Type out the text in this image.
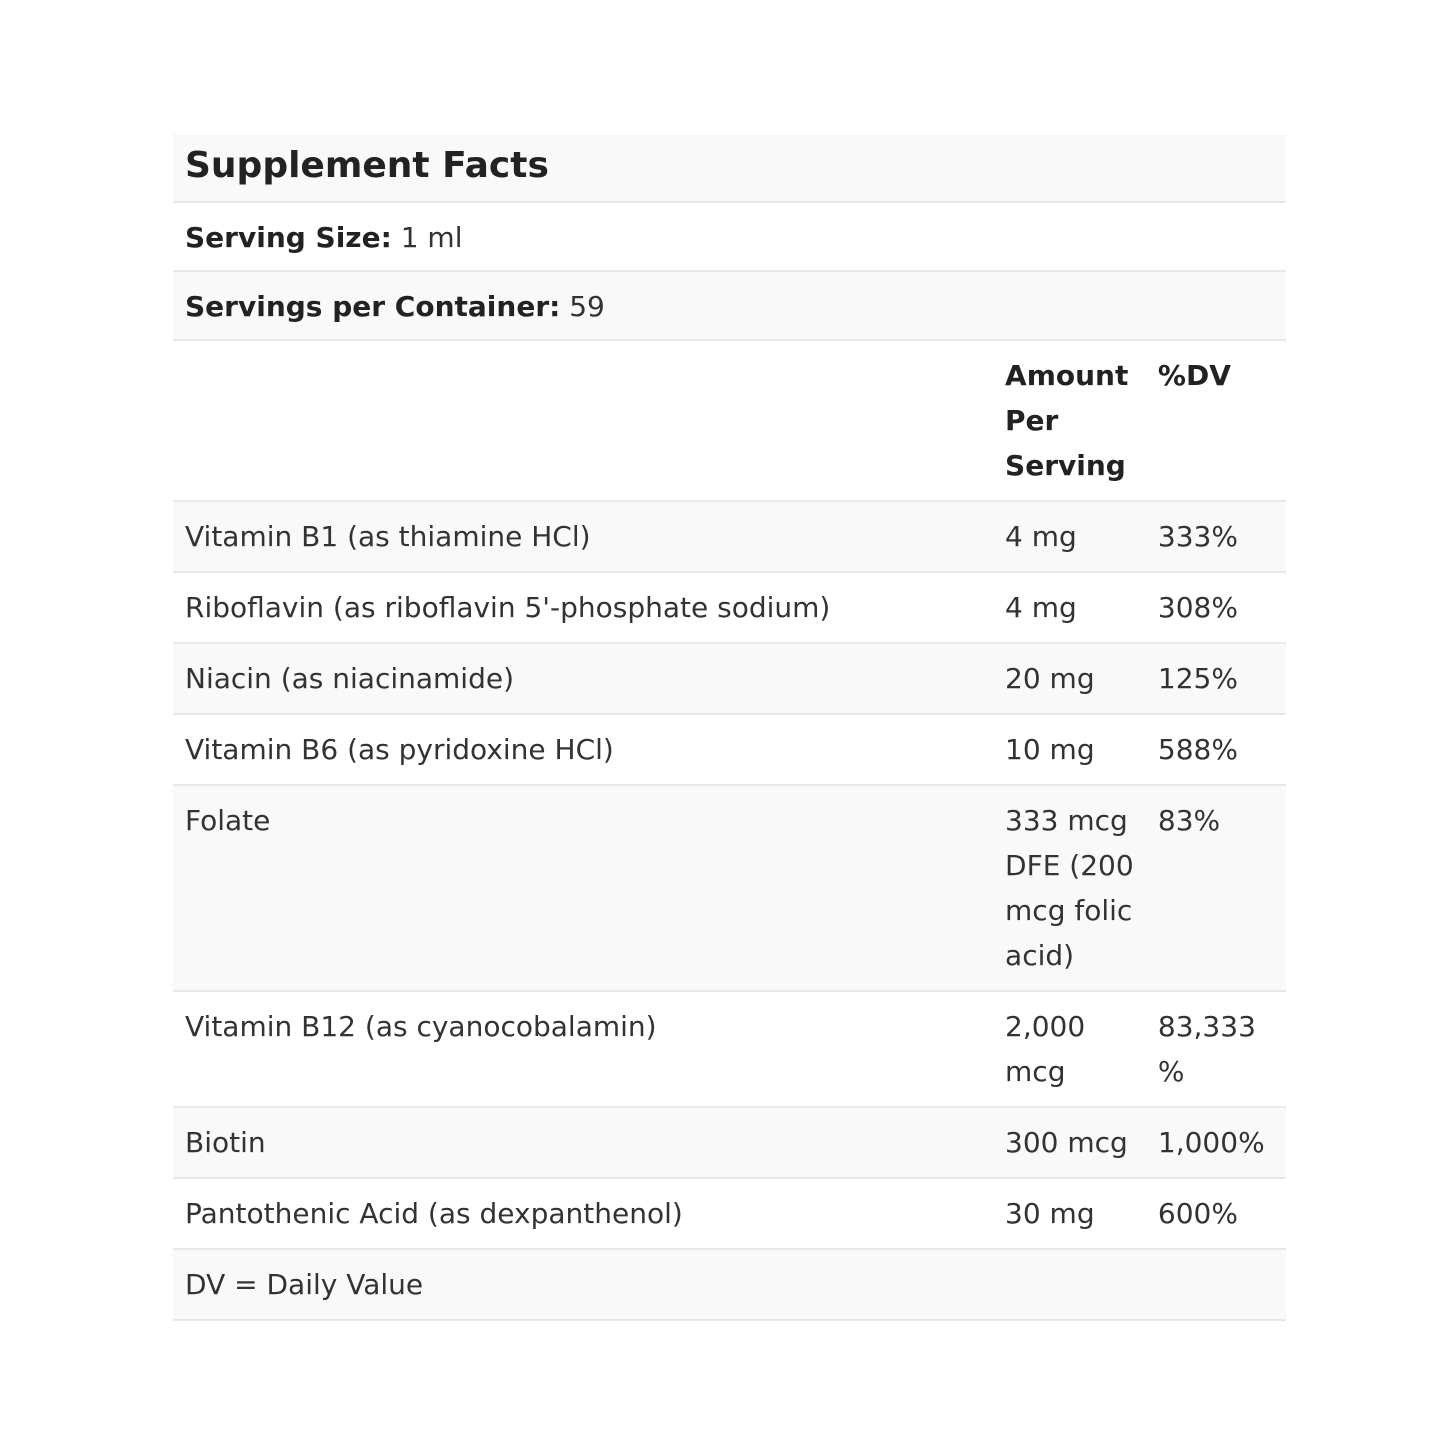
Supplement Facts		
Serving Size: 1 ml		
Servings per Container: 59		
	Amount Per Serving	%DV
Vitamin B1 (as thiamine HCl)	4 mg	333%
Riboflavin (as riboflavin 5'-phosphate sodium)	4 mg	308%
Niacin (as niacinamide)	20 mg	125%
Vitamin B6 (as pyridoxine HCl)	10 mg	588%
Folate	333 mcg DFE (200 mcg folic acid)	83%
Vitamin B12 (as cyanocobalamin)	2,000 mcg	83,333%
Biotin	300 mcg	1,000%
Pantothenic Acid (as dexpanthenol)	30 mg	600%
DV = Daily Value		
